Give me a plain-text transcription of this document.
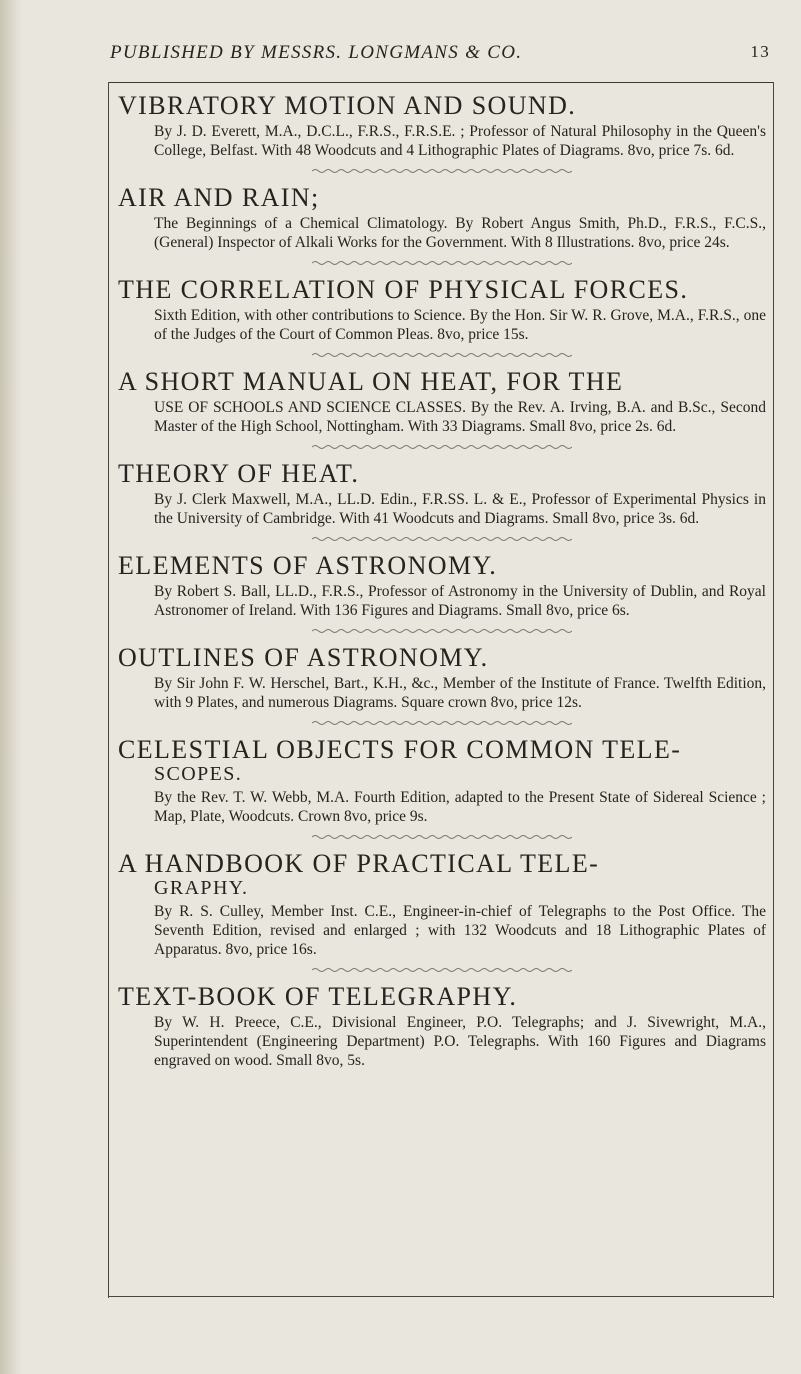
PUBLISHED BY MESSRS. LONGMANS & CO.	13
VIBRATORY MOTION AND SOUND.
By J. D. Everett, M.A., D.C.L., F.R.S., F.R.S.E. ; Professor of Natural Philosophy in the Queen's College, Belfast. With 48 Woodcuts and 4 Lithographic Plates of Diagrams. 8vo, price 7s. 6d.
AIR AND RAIN;
The Beginnings of a Chemical Climatology. By Robert Angus Smith, Ph.D., F.R.S., F.C.S., (General) Inspector of Alkali Works for the Government. With 8 Illustrations. 8vo, price 24s.
THE CORRELATION OF PHYSICAL FORCES.
Sixth Edition, with other contributions to Science. By the Hon. Sir W. R. Grove, M.A., F.R.S., one of the Judges of the Court of Common Pleas. 8vo, price 15s.
A SHORT MANUAL ON HEAT, FOR THE
USE OF SCHOOLS AND SCIENCE CLASSES. By the Rev. A. Irving, B.A. and B.Sc., Second Master of the High School, Nottingham. With 33 Diagrams. Small 8vo, price 2s. 6d.
THEORY OF HEAT.
By J. Clerk Maxwell, M.A., LL.D. Edin., F.R.SS. L. & E., Professor of Experimental Physics in the University of Cambridge. With 41 Woodcuts and Diagrams. Small 8vo, price 3s. 6d.
ELEMENTS OF ASTRONOMY.
By Robert S. Ball, LL.D., F.R.S., Professor of Astronomy in the University of Dublin, and Royal Astronomer of Ireland. With 136 Figures and Diagrams. Small 8vo, price 6s.
OUTLINES OF ASTRONOMY.
By Sir John F. W. Herschel, Bart., K.H., &c., Member of the Institute of France. Twelfth Edition, with 9 Plates, and numerous Diagrams. Square crown 8vo, price 12s.
CELESTIAL OBJECTS FOR COMMON TELE-
SCOPES.
By the Rev. T. W. Webb, M.A. Fourth Edition, adapted to the Present State of Sidereal Science ; Map, Plate, Woodcuts. Crown 8vo, price 9s.
A HANDBOOK OF PRACTICAL TELE-
GRAPHY.
By R. S. Culley, Member Inst. C.E., Engineer-in-chief of Telegraphs to the Post Office. The Seventh Edition, revised and enlarged ; with 132 Woodcuts and 18 Lithographic Plates of Apparatus. 8vo, price 16s.
TEXT-BOOK OF TELEGRAPHY.
By W. H. Preece, C.E., Divisional Engineer, P.O. Telegraphs; and J. Sivewright, M.A., Superintendent (Engineering Department) P.O. Telegraphs. With 160 Figures and Diagrams engraved on wood. Small 8vo, 5s.
